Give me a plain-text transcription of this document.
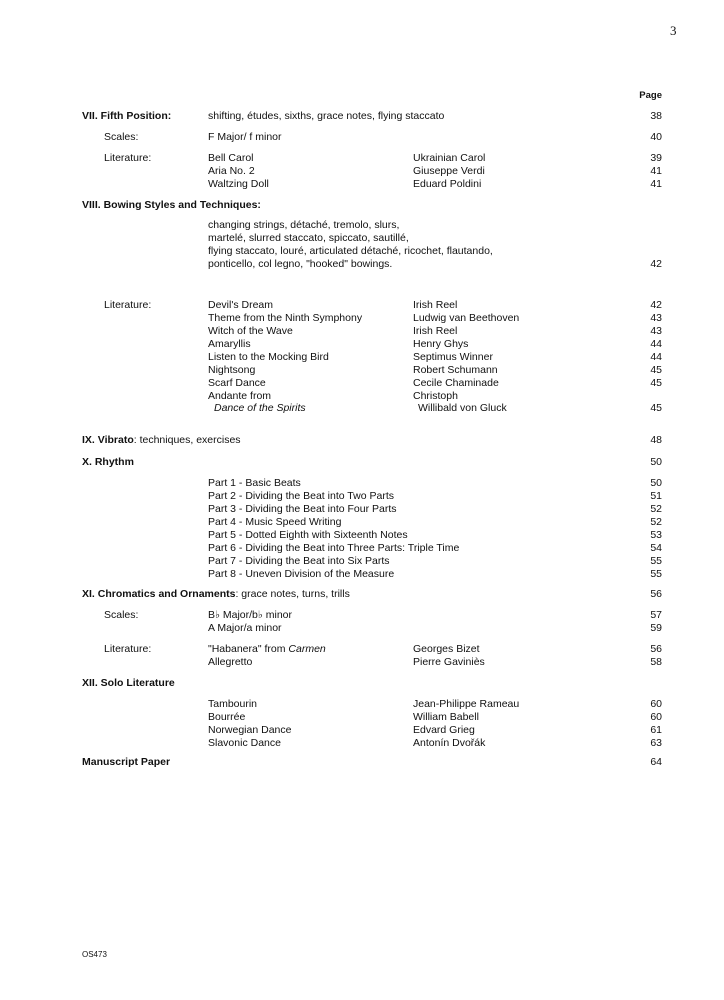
3
Page
VII. Fifth Position:	shifting, études, sixths, grace notes, flying staccato	38
Scales:	F Major/ f minor	40
Literature:	Bell Carol	Ukrainian Carol	39
Aria No. 2	Giuseppe Verdi	41
Waltzing Doll	Eduard Poldini	41
VIII. Bowing Styles and Techniques:
changing strings, détaché, tremolo, slurs,
martelé, slurred staccato, spiccato, sautillé,
flying staccato, louré, articulated détaché, ricochet, flautando,
ponticello, col legno, "hooked" bowings.	42
Literature:	Devil's Dream	Irish Reel	42
Theme from the Ninth Symphony	Ludwig van Beethoven	43
Witch of the Wave	Irish Reel	43
Amaryllis	Henry Ghys	44
Listen to the Mocking Bird	Septimus Winner	44
Nightsong	Robert Schumann	45
Scarf Dance	Cecile Chaminade	45
Andante from	Christoph
Dance of the Spirits	Willibald von Gluck	45
IX. Vibrato: techniques, exercises	48
X. Rhythm	50
Part 1 - Basic Beats	50
Part 2 - Dividing the Beat into Two Parts	51
Part 3 - Dividing the Beat into Four Parts	52
Part 4 - Music Speed Writing	52
Part 5 - Dotted Eighth with Sixteenth Notes	53
Part 6 - Dividing the Beat into Three Parts: Triple Time	54
Part 7 - Dividing the Beat into Six Parts	55
Part 8 - Uneven Division of the Measure	55
XI. Chromatics and Ornaments: grace notes, turns, trills	56
Scales:	B♭ Major/b♭ minor	57
A Major/a minor	59
Literature:	"Habanera" from Carmen	Georges Bizet	56
Allegretto	Pierre Gaviniès	58
XII. Solo Literature
Tambourin	Jean-Philippe Rameau	60
Bourrée	William Babell	60
Norwegian Dance	Edvard Grieg	61
Slavonic Dance	Antonín Dvořák	63
Manuscript Paper	64
OS473
